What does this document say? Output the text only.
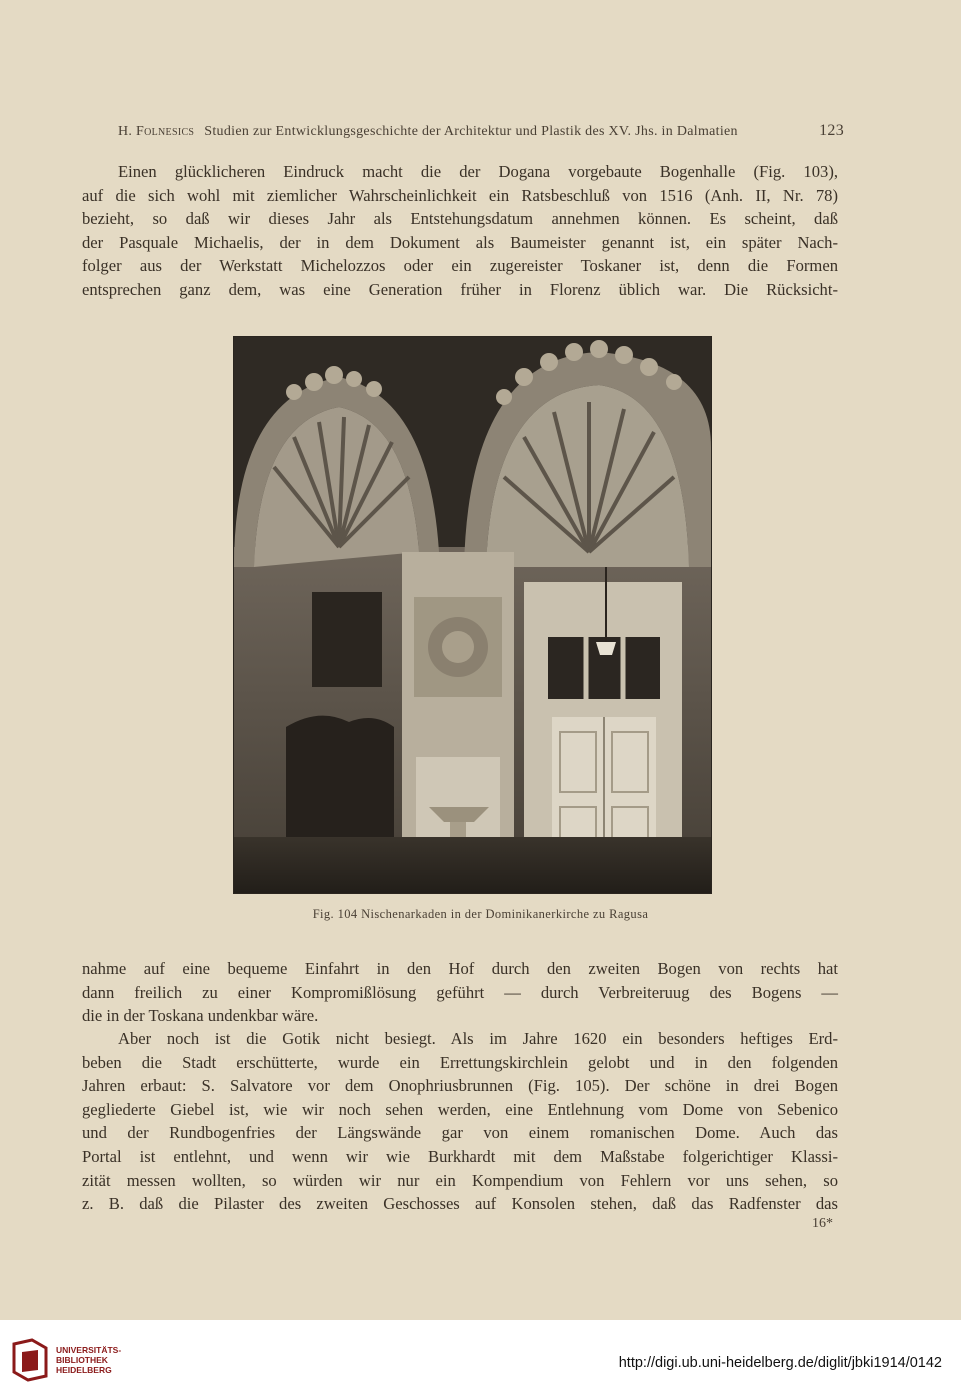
H. Folnesics Studien zur Entwicklungsgeschichte der Architektur und Plastik des XV. Jhs. in Dalmatien	123
Einen glücklicheren Eindruck macht die der Dogana vorgebaute Bogenhalle (Fig. 103),
auf die sich wohl mit ziemlicher Wahrscheinlichkeit ein Ratsbeschluß von 1516 (Anh. II, Nr. 78)
bezieht, so daß wir dieses Jahr als Entstehungsdatum annehmen können. Es scheint, daß
der Pasquale Michaelis, der in dem Dokument als Baumeister genannt ist, ein später Nach-
folger aus der Werkstatt Michelozzos oder ein zugereister Toskaner ist, denn die Formen
entsprechen ganz dem, was eine Generation früher in Florenz üblich war. Die Rücksicht-
Fig. 104 Nischenarkaden in der Dominikanerkirche zu Ragusa
nahme auf eine bequeme Einfahrt in den Hof durch den zweiten Bogen von rechts hat
dann freilich zu einer Kompromißlösung geführt — durch Verbreiteruug des Bogens —
die in der Toskana undenkbar wäre.
Aber noch ist die Gotik nicht besiegt. Als im Jahre 1620 ein besonders heftiges Erd-
beben die Stadt erschütterte, wurde ein Errettungskirchlein gelobt und in den folgenden
Jahren erbaut: S. Salvatore vor dem Onophriusbrunnen (Fig. 105). Der schöne in drei Bogen
gegliederte Giebel ist, wie wir noch sehen werden, eine Entlehnung vom Dome von Sebenico
und der Rundbogenfries der Längswände gar von einem romanischen Dome. Auch das
Portal ist entlehnt, und wenn wir wie Burkhardt mit dem Maßstabe folgerichtiger Klassi-
zität messen wollten, so würden wir nur ein Kompendium von Fehlern vor uns sehen, so
z. B. daß die Pilaster des zweiten Geschosses auf Konsolen stehen, daß das Radfenster das
16*
UNIVERSITÄTS-
BIBLIOTHEK
HEIDELBERG	http://digi.ub.uni-heidelberg.de/diglit/jbki1914/0142
